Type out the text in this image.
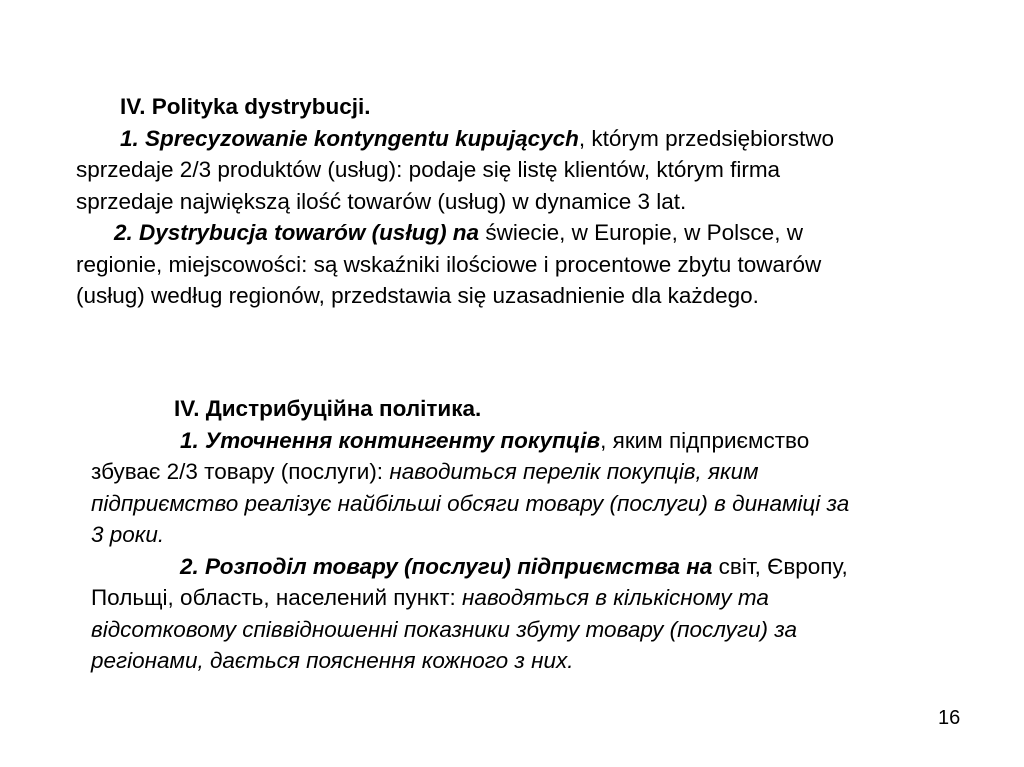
IV. Polityka dystrybucji.
1. Sprecyzowanie kontyngentu kupujących, którym przedsiębiorstwo
sprzedaje 2/3 produktów (usług): podaje się listę klientów, którym firma
sprzedaje największą ilość towarów (usług) w dynamice 3 lat.
2. Dystrybucja towarów (usług) na świecie, w Europie, w Polsce, w
regionie, miejscowości: są wskaźniki ilościowe i procentowe zbytu towarów
(usług) według regionów, przedstawia się uzasadnienie dla każdego.
IV. Дистрибуційна політика.
1. Уточнення контингенту покупців, яким підприємство
збуває 2/3 товару (послуги): наводиться перелік покупців, яким
підприємство реалізує найбільші обсяги товару (послуги) в динаміці за
3 роки.
2. Розподіл товару (послуги) підприємства на світ, Європу,
Польщі, область, населений пункт: наводяться в кількісному та
відсотковому співвідношенні показники збуту товару (послуги) за
регіонами, дається пояснення кожного з них.
16
